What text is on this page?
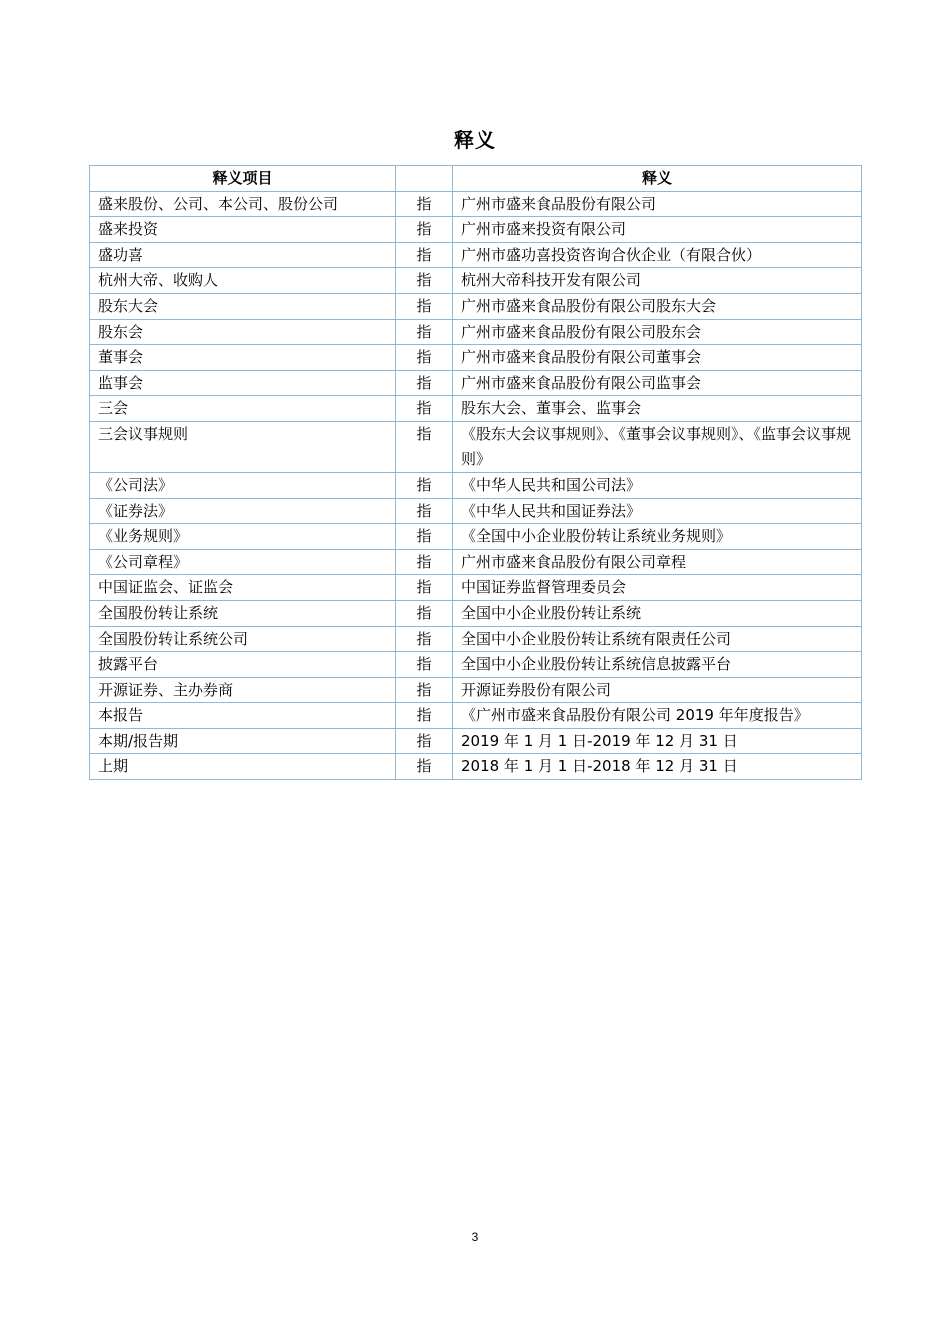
释义
释义项目		释义
盛来股份、公司、本公司、股份公司	指	广州市盛来食品股份有限公司
盛来投资	指	广州市盛来投资有限公司
盛功喜	指	广州市盛功喜投资咨询合伙企业（有限合伙）
杭州大帝、收购人	指	杭州大帝科技开发有限公司
股东大会	指	广州市盛来食品股份有限公司股东大会
股东会	指	广州市盛来食品股份有限公司股东会
董事会	指	广州市盛来食品股份有限公司董事会
监事会	指	广州市盛来食品股份有限公司监事会
三会	指	股东大会、董事会、监事会
三会议事规则	指	《股东大会议事规则》、《董事会议事规则》、《监事会议事规则》
《公司法》	指	《中华人民共和国公司法》
《证券法》	指	《中华人民共和国证券法》
《业务规则》	指	《全国中小企业股份转让系统业务规则》
《公司章程》	指	广州市盛来食品股份有限公司章程
中国证监会、证监会	指	中国证券监督管理委员会
全国股份转让系统	指	全国中小企业股份转让系统
全国股份转让系统公司	指	全国中小企业股份转让系统有限责任公司
披露平台	指	全国中小企业股份转让系统信息披露平台
开源证券、主办券商	指	开源证券股份有限公司
本报告	指	《广州市盛来食品股份有限公司 2019 年年度报告》
本期/报告期	指	2019 年 1 月 1 日-2019 年 12 月 31 日
上期	指	2018 年 1 月 1 日-2018 年 12 月 31 日
3
